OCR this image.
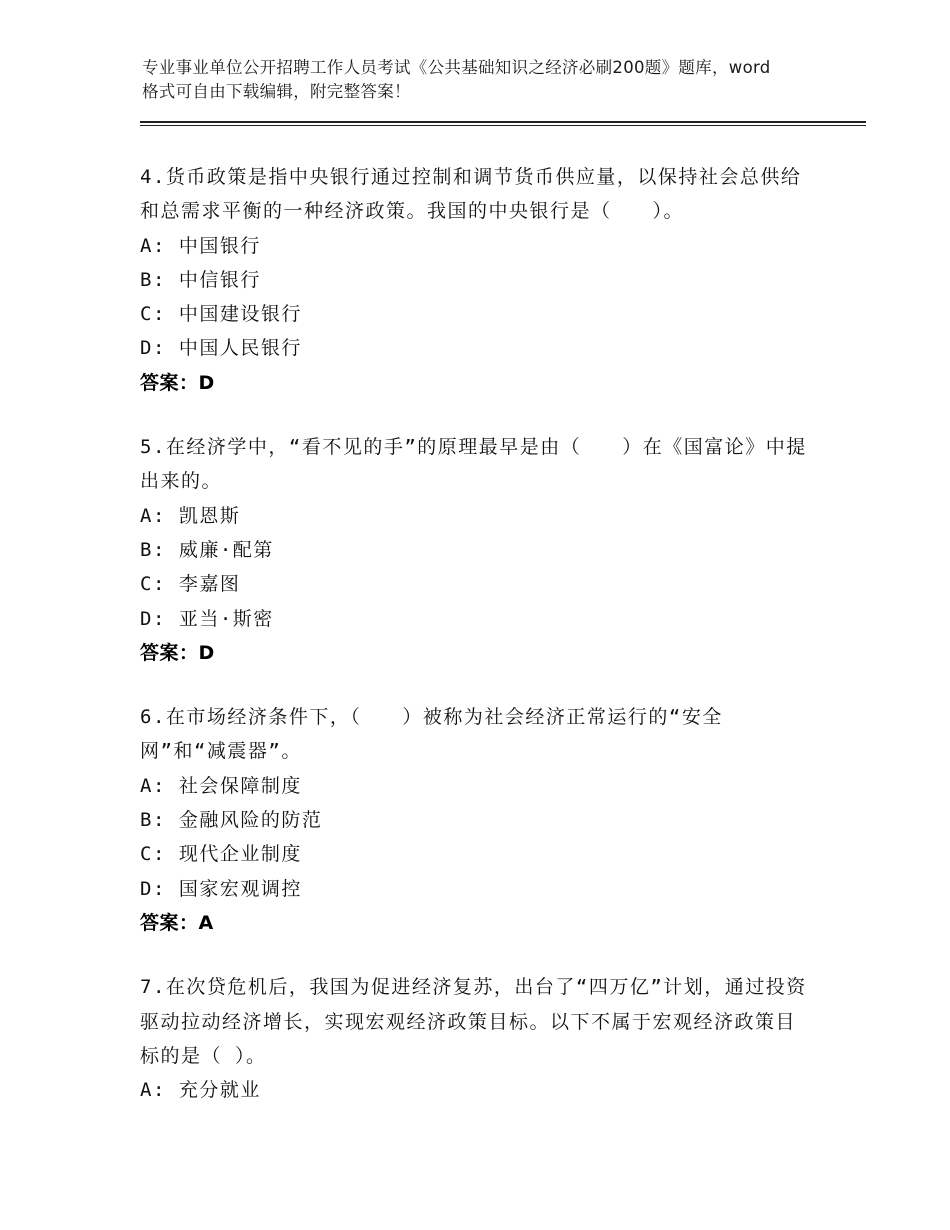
专业事业单位公开招聘工作人员考试《公共基础知识之经济必刷200题》题库，word格式可自由下载编辑，附完整答案！

4.货币政策是指中央银行通过控制和调节货币供应量，以保持社会总供给和总需求平衡的一种经济政策。我国的中央银行是（　　）。

A: 中国银行

B: 中信银行

C: 中国建设银行

D: 中国人民银行

答案：D

5.在经济学中，“看不见的手”的原理最早是由（　　）在《国富论》中提出来的。

A: 凯恩斯

B: 威廉·配第

C: 李嘉图

D: 亚当·斯密

答案：D

6.在市场经济条件下，（　　）被称为社会经济正常运行的“安全网”和“减震器”。

A: 社会保障制度

B: 金融风险的防范

C: 现代企业制度

D: 国家宏观调控

答案：A

7.在次贷危机后，我国为促进经济复苏，出台了“四万亿”计划，通过投资驱动拉动经济增长，实现宏观经济政策目标。以下不属于宏观经济政策目标的是（ ）。

A: 充分就业
